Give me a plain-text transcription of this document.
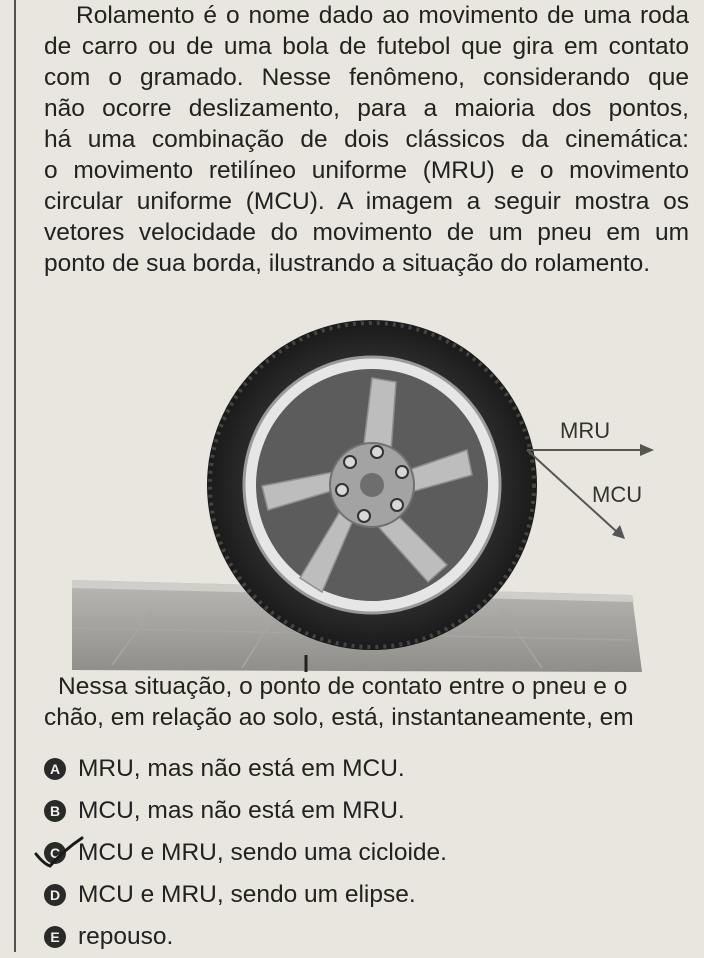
Rolamento é o nome dado ao movimento de uma roda
de carro ou de uma bola de futebol que gira em contato
com o gramado. Nesse fenômeno, considerando que
não ocorre deslizamento, para a maioria dos pontos,
há uma combinação de dois clássicos da cinemática:
o movimento retilíneo uniforme (MRU) e o movimento
circular uniforme (MCU). A imagem a seguir mostra os
vetores velocidade do movimento de um pneu em um
ponto de sua borda, ilustrando a situação do rolamento.
MRU
MCU
Nessa situação, o ponto de contato entre o pneu e o
chão, em relação ao solo, está, instantaneamente, em
A MRU, mas não está em MCU.
B MCU, mas não está em MRU.
C MCU e MRU, sendo uma cicloide.
D MCU e MRU, sendo um elipse.
E repouso.
